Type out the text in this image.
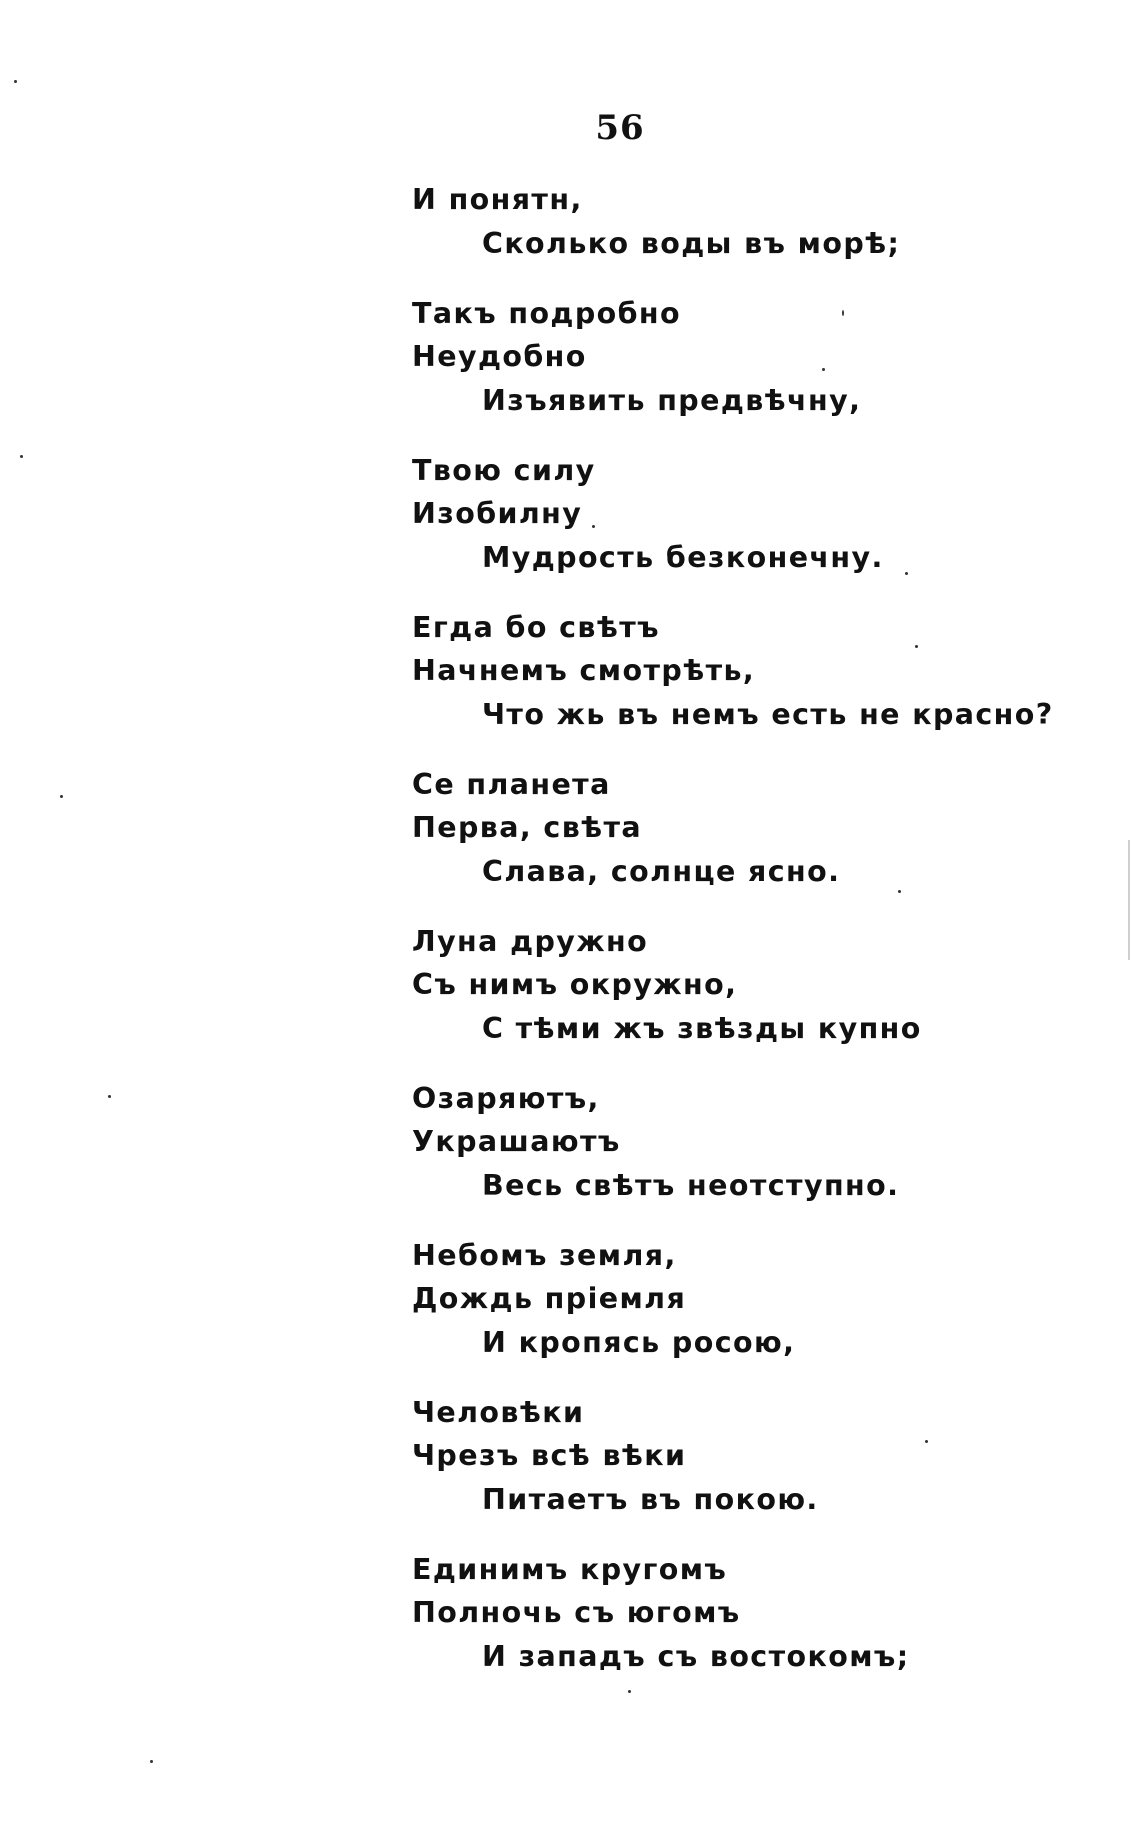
56
И понятн,
Сколько воды въ морѣ;
Такъ подробно
Неудобно
Изъявить предвѣчну,
Твою силу
Изобилну
Мудрость безконечну.
Егда бо свѣтъ
Начнемъ смотрѣть,
Что жь въ немъ есть не красно?
Се планета
Перва, свѣта
Слава, солнце ясно.
Луна дружно
Съ нимъ окружно,
С тѣми жъ звѣзды купно
Озаряютъ,
Украшаютъ
Весь свѣтъ неотступно.
Небомъ земля,
Дождь пріемля
И кропясь росою,
Человѣки
Чрезъ всѣ вѣки
Питаетъ въ покою.
Единимъ кругомъ
Полночь съ югомъ
И западъ съ востокомъ;
